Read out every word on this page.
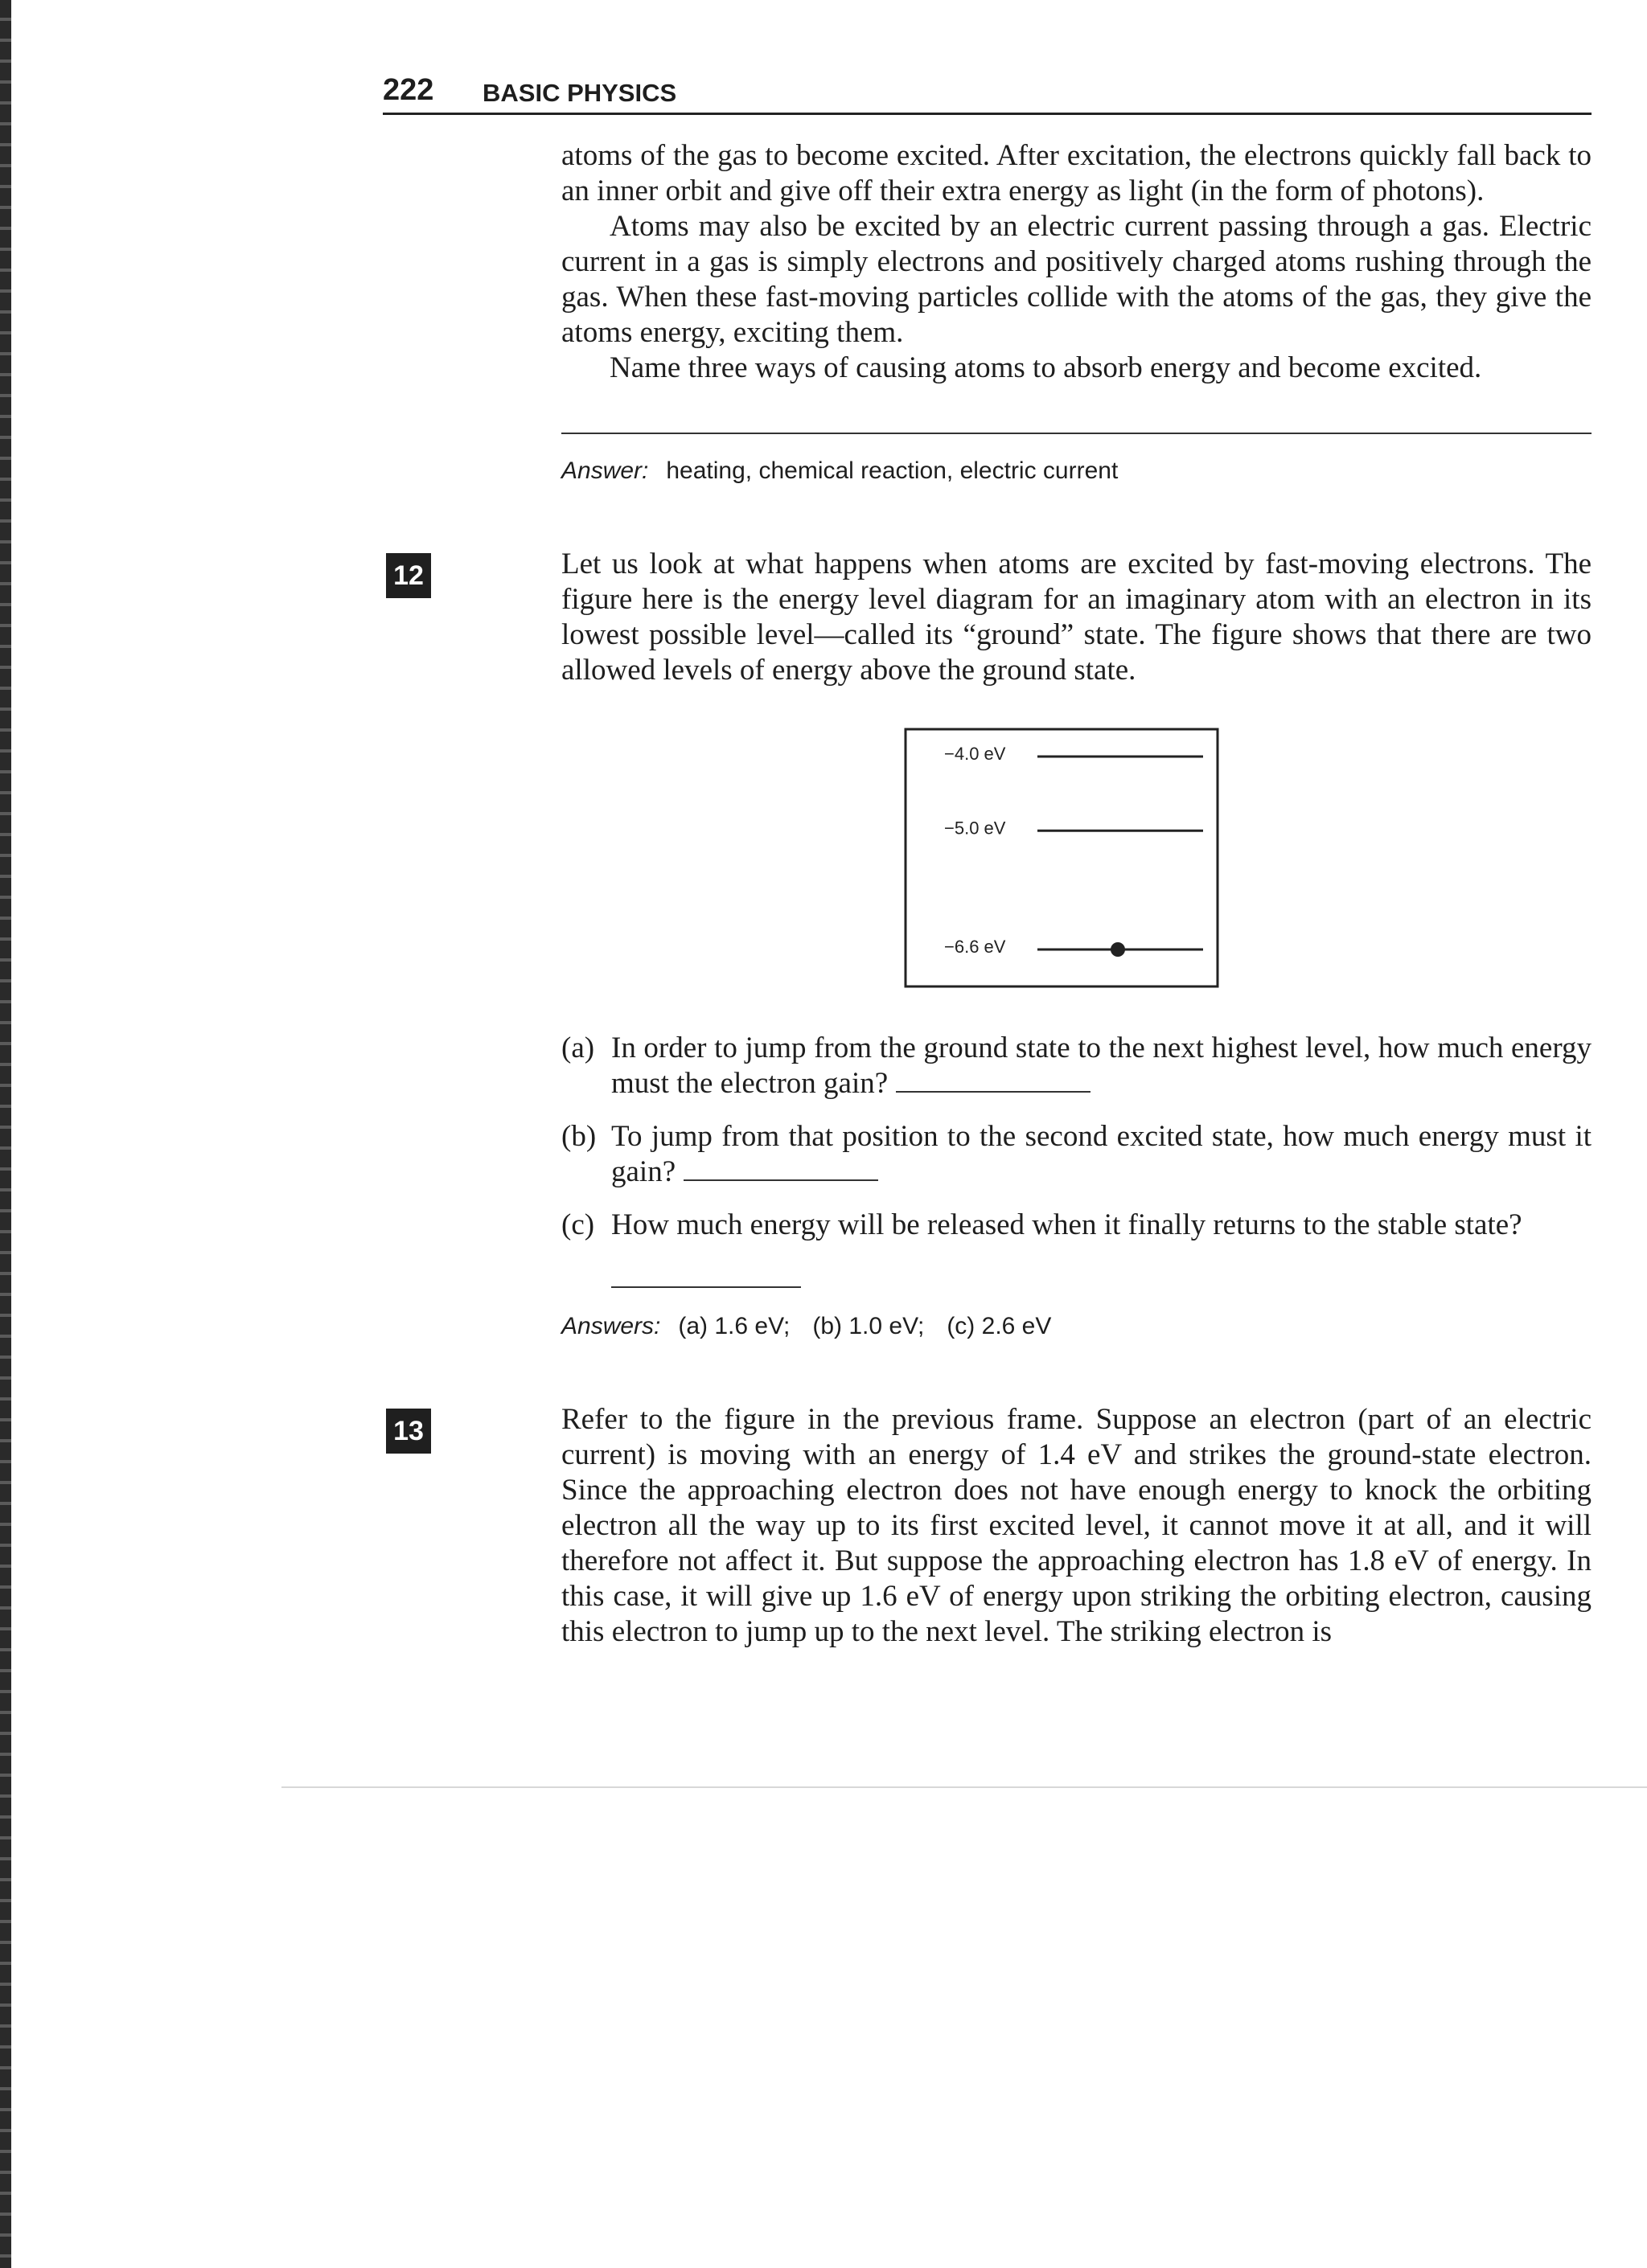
222 BASIC PHYSICS

atoms of the gas to become excited. After excitation, the electrons quickly fall back to an inner orbit and give off their extra energy as light (in the form of photons).

Atoms may also be excited by an electric current passing through a gas. Electric current in a gas is simply electrons and positively charged atoms rushing through the gas. When these fast-moving particles collide with the atoms of the gas, they give the atoms energy, exciting them.

Name three ways of causing atoms to absorb energy and become excited.

Answer: heating, chemical reaction, electric current
12	Let us look at what happens when atoms are excited by fast-moving electrons. The figure here is the energy level diagram for an imaginary atom with an electron in its lowest possible level—called its “ground” state. The figure shows that there are two allowed levels of energy above the ground state.

−4.0 eV
−5.0 eV
−6.6 eV
(a) In order to jump from the ground state to the next highest level, how much energy must the electron gain?
(b) To jump from that position to the second excited state, how much energy must it gain?
(c) How much energy will be released when it finally returns to the stable state?
Answers: (a) 1.6 eV; (b) 1.0 eV; (c) 2.6 eV
13	Refer to the figure in the previous frame. Suppose an electron (part of an electric current) is moving with an energy of 1.4 eV and strikes the ground-state electron. Since the approaching electron does not have enough energy to knock the orbiting electron all the way up to its first excited level, it cannot move it at all, and it will therefore not affect it. But suppose the approaching electron has 1.8 eV of energy. In this case, it will give up 1.6 eV of energy upon striking the orbiting electron, causing this electron to jump up to the next level. The striking electron is
